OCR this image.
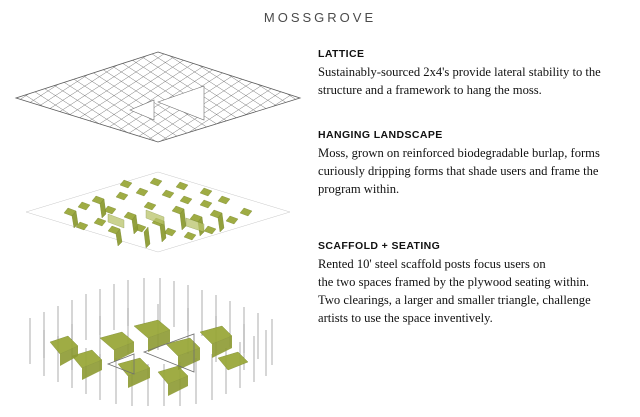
MOSSGROVE
LATTICE
Sustainably-sourced 2x4's provide lateral stability to the structure and a framework to hang the moss.
HANGING LANDSCAPE
Moss, grown on reinforced biodegradable burlap, forms curiously dripping forms that shade users and frame the program within.
SCAFFOLD + SEATING
Rented 10' steel scaffold posts focus users on
the two spaces framed by the plywood seating within.
Two clearings, a larger and smaller triangle, challenge artists to use the space inventively.
